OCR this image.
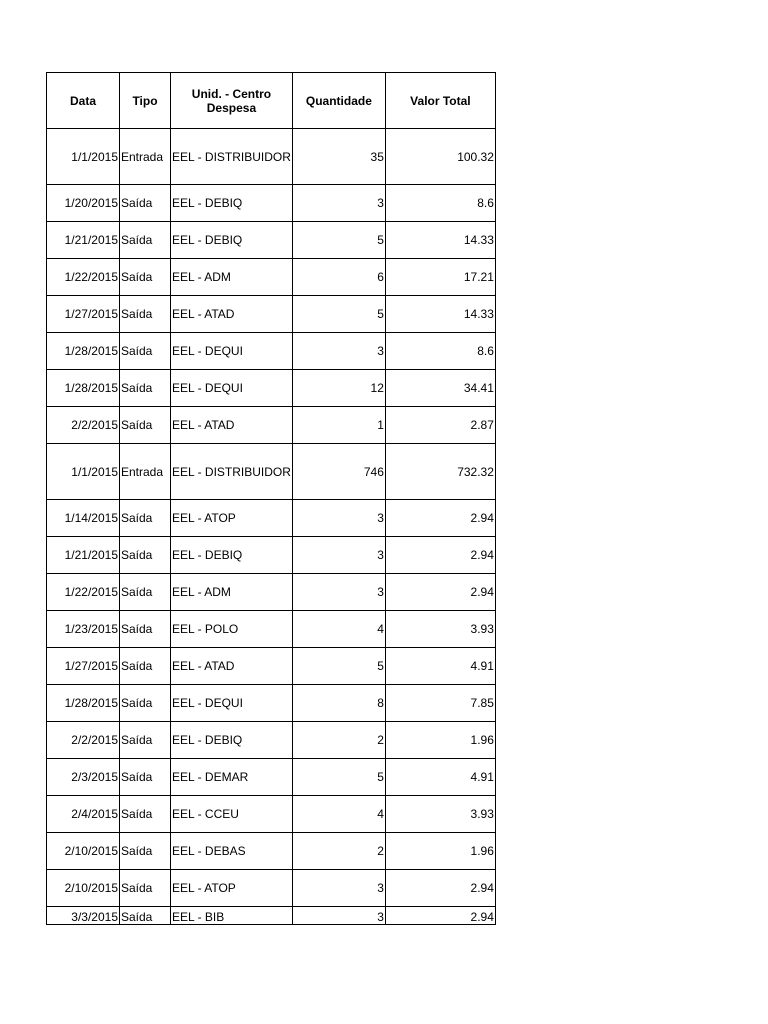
Data	Tipo	Unid. - Centro Despesa	Quantidade	Valor Total
1/1/2015	Entrada	EEL - DISTRIBUIDOR	35	100.32
1/20/2015	Saída	EEL - DEBIQ	3	8.6
1/21/2015	Saída	EEL - DEBIQ	5	14.33
1/22/2015	Saída	EEL - ADM	6	17.21
1/27/2015	Saída	EEL - ATAD	5	14.33
1/28/2015	Saída	EEL - DEQUI	3	8.6
1/28/2015	Saída	EEL - DEQUI	12	34.41
2/2/2015	Saída	EEL - ATAD	1	2.87
1/1/2015	Entrada	EEL - DISTRIBUIDOR	746	732.32
1/14/2015	Saída	EEL - ATOP	3	2.94
1/21/2015	Saída	EEL - DEBIQ	3	2.94
1/22/2015	Saída	EEL - ADM	3	2.94
1/23/2015	Saída	EEL - POLO	4	3.93
1/27/2015	Saída	EEL - ATAD	5	4.91
1/28/2015	Saída	EEL - DEQUI	8	7.85
2/2/2015	Saída	EEL - DEBIQ	2	1.96
2/3/2015	Saída	EEL - DEMAR	5	4.91
2/4/2015	Saída	EEL - CCEU	4	3.93
2/10/2015	Saída	EEL - DEBAS	2	1.96
2/10/2015	Saída	EEL - ATOP	3	2.94
3/3/2015	Saída	EEL - BIB	3	2.94
